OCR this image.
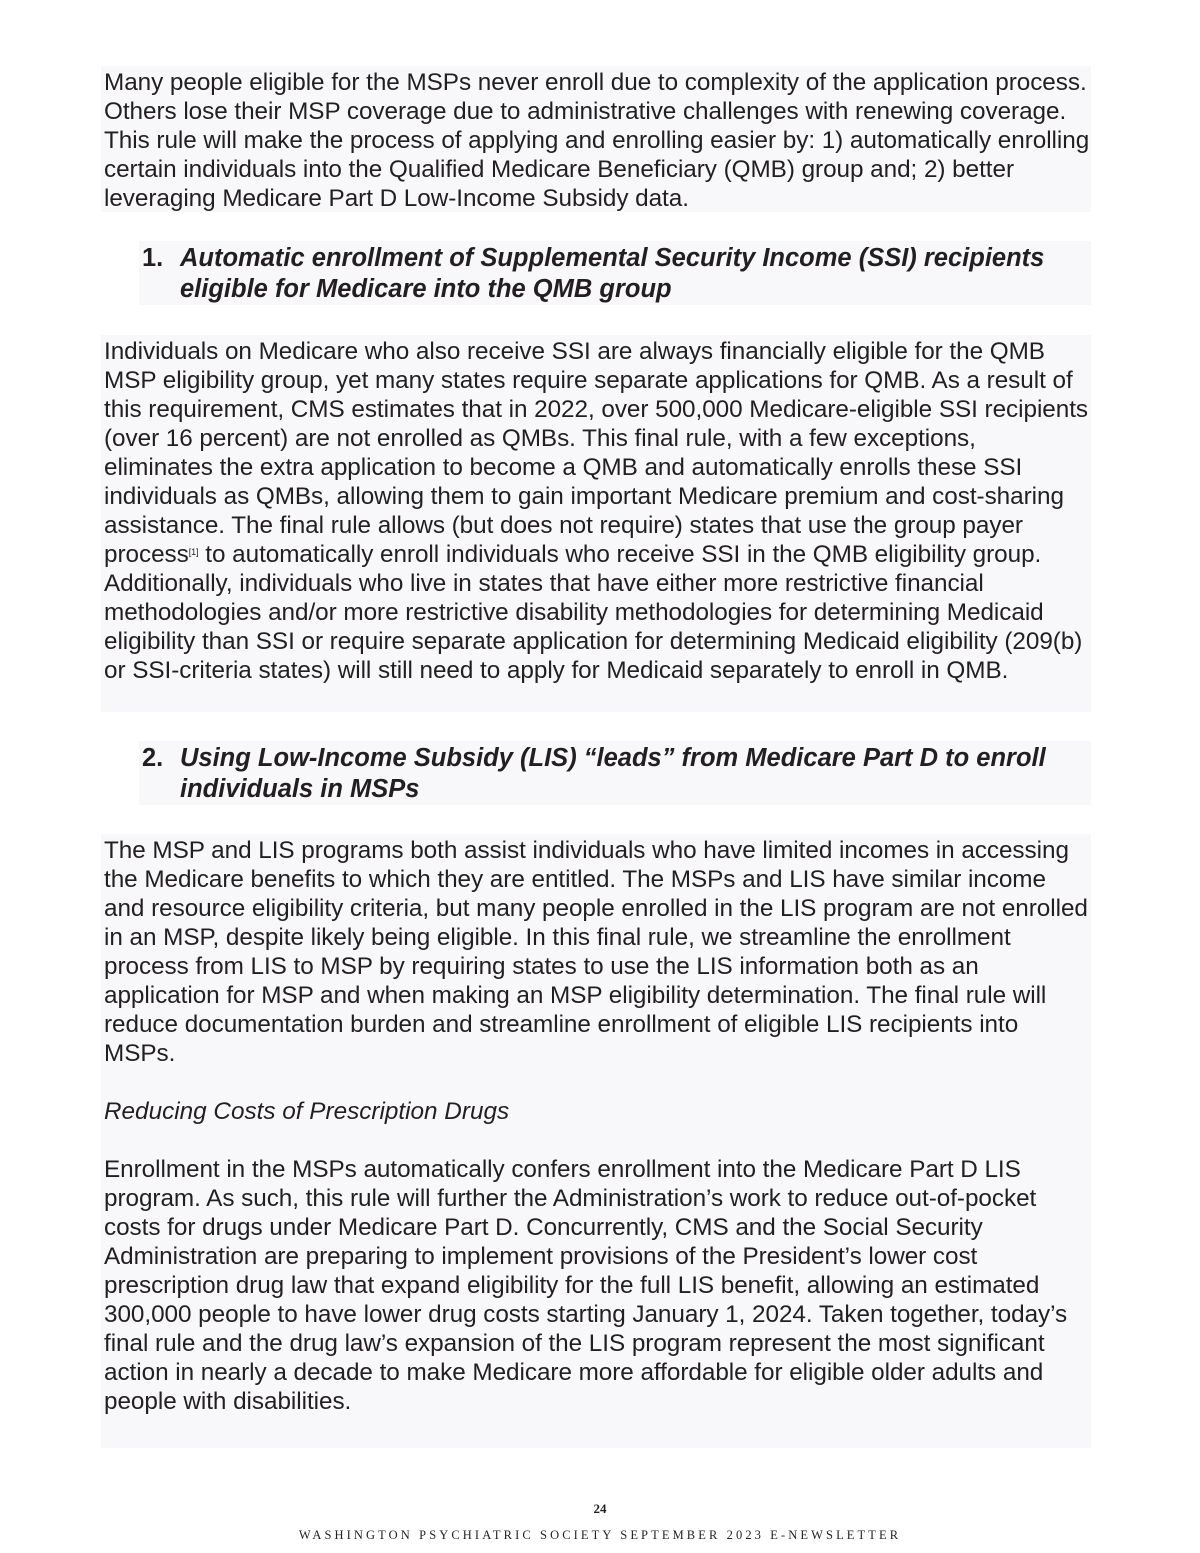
Many people eligible for the MSPs never enroll due to complexity of the application process. Others lose their MSP coverage due to administrative challenges with renewing coverage. This rule will make the process of applying and enrolling easier by: 1) automatically enrolling certain individuals into the Qualified Medicare Beneficiary (QMB) group and; 2) better leveraging Medicare Part D Low-Income Subsidy data.

1. Automatic enrollment of Supplemental Security Income (SSI) recipients eligible for Medicare into the QMB group

Individuals on Medicare who also receive SSI are always financially eligible for the QMB MSP eligibility group, yet many states require separate applications for QMB. As a result of this requirement, CMS estimates that in 2022, over 500,000 Medicare-eligible SSI recipients (over 16 percent) are not enrolled as QMBs. This final rule, with a few exceptions, eliminates the extra application to become a QMB and automatically enrolls these SSI individuals as QMBs, allowing them to gain important Medicare premium and cost-sharing assistance. The final rule allows (but does not require) states that use the group payer process[1] to automatically enroll individuals who receive SSI in the QMB eligibility group. Additionally, individuals who live in states that have either more restrictive financial methodologies and/or more restrictive disability methodologies for determining Medicaid eligibility than SSI or require separate application for determining Medicaid eligibility (209(b) or SSI-criteria states) will still need to apply for Medicaid separately to enroll in QMB.

2. Using Low-Income Subsidy (LIS) “leads” from Medicare Part D to enroll individuals in MSPs

The MSP and LIS programs both assist individuals who have limited incomes in accessing the Medicare benefits to which they are entitled. The MSPs and LIS have similar income and resource eligibility criteria, but many people enrolled in the LIS program are not enrolled in an MSP, despite likely being eligible. In this final rule, we streamline the enrollment process from LIS to MSP by requiring states to use the LIS information both as an application for MSP and when making an MSP eligibility determination. The final rule will reduce documentation burden and streamline enrollment of eligible LIS recipients into MSPs.

Reducing Costs of Prescription Drugs

Enrollment in the MSPs automatically confers enrollment into the Medicare Part D LIS program. As such, this rule will further the Administration’s work to reduce out-of-pocket costs for drugs under Medicare Part D. Concurrently, CMS and the Social Security Administration are preparing to implement provisions of the President’s lower cost prescription drug law that expand eligibility for the full LIS benefit, allowing an estimated 300,000 people to have lower drug costs starting January 1, 2024. Taken together, today’s final rule and the drug law’s expansion of the LIS program represent the most significant action in nearly a decade to make Medicare more affordable for eligible older adults and people with disabilities.

24
WASHINGTON PSYCHIATRIC SOCIETY SEPTEMBER 2023 E-NEWSLETTER
